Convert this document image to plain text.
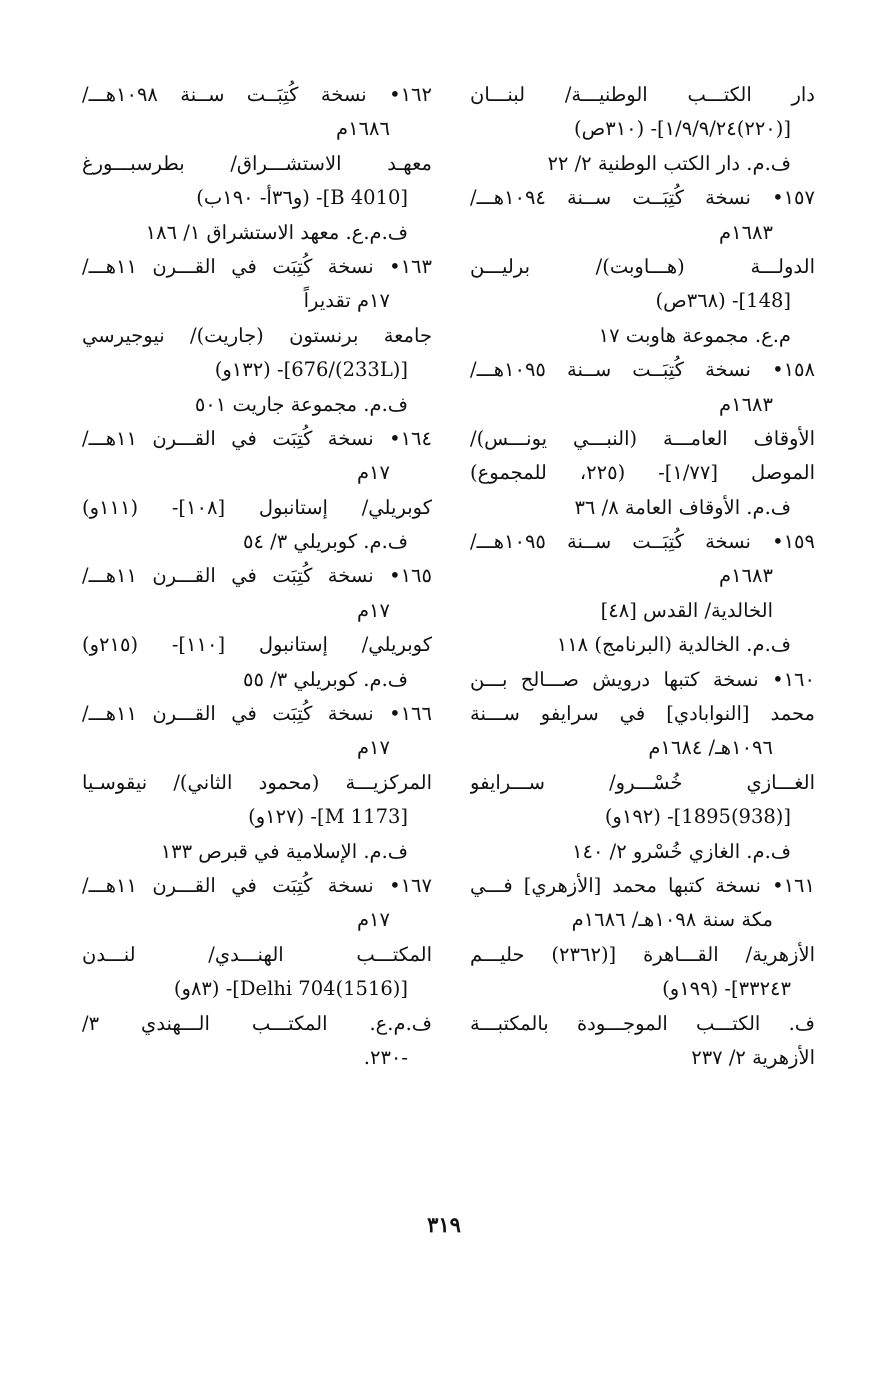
دار الكتـــب الوطنيـــة/ لبنـــان
[(٢٢٠)١/٩/٩/٢٤]- (٣١٠ص)
ف.م. دار الكتب الوطنية ٢/ ٢٢
١٥٧• نسخة كُتِبَــت ســنة ١٠٩٤هـــ/
١٦٨٣م
الدولـــة (هـــاوبت)/ برليـــن
[148]- (٣٦٨ص)
م.ع. مجموعة هاوبت ١٧
١٥٨• نسخة كُتِبَــت ســنة ١٠٩٥هـــ/
١٦٨٣م
الأوقاف العامـــة (النبـــي يونـــس)/
الموصل [١/٧٧]- (٢٢٥، للمجموع)
ف.م. الأوقاف العامة ٨/ ٣٦
١٥٩• نسخة كُتِبَــت ســنة ١٠٩٥هـــ/
١٦٨٣م
الخالدية/ القدس [٤٨]
ف.م. الخالدية (البرنامج) ١١٨
١٦٠• نسخة كتبها درويش صـــالح بـــن
محمد [النوابادي] في سرايفو ســـنة
١٠٩٦هـ/ ١٦٨٤م
الغـــازي خُسْـــرو/ ســـرايفو
[(938)1895]- (١٩٢و)
ف.م. الغازي خُسْرو ٢/ ١٤٠
١٦١• نسخة كتبها محمد [الأزهري] فـــي
مكة سنة ١٠٩٨هـ/ ١٦٨٦م
الأزهرية/ القـــاهرة [(٢٣٦٢) حليـــم
٣٣٢٤٣]- (١٩٩و)
ف. الكتـــب الموجـــودة بالمكتبـــة
الأزهرية ٢/ ٢٣٧
١٦٢• نسخة كُتِبَــت ســنة ١٠٩٨هـــ/
١٦٨٦م
معهـد الاستشـــراق/ بطرسبـــورغ
[B 4010]- (و٣٦أ- ١٩٠ب)
ف.م.ع. معهد الاستشراق ١/ ١٨٦
١٦٣• نسخة كُتِبَت في القـــرن ١١هـــ/
١٧م تقديراً
جامعة برنستون (جاريت)/ نيوجيرسي
[(233L)/676]- (١٣٢و)
ف.م. مجموعة جاريت ٥٠١
١٦٤• نسخة كُتِبَت في القـــرن ١١هـــ/
١٧م
كوبريلي/ إستانبول [١٠٨]- (١١١و)
ف.م. كوبريلي ٣/ ٥٤
١٦٥• نسخة كُتِبَت في القـــرن ١١هـــ/
١٧م
كوبريلي/ إستانبول [١١٠]- (٢١٥و)
ف.م. كوبريلي ٣/ ٥٥
١٦٦• نسخة كُتِبَت في القـــرن ١١هـــ/
١٧م
المركزيـــة (محمود الثاني)/ نيقوسـيا
[M 1173]- (١٢٧و)
ف.م. الإسلامية في قبرص ١٣٣
١٦٧• نسخة كُتِبَت في القـــرن ١١هـــ/
١٧م
المكتـــب الهنـــدي/ لنـــدن
[(1516)Delhi 704]- (٨٣و)
ف.م.ع. المكتـــب الـــهندي ٣/
-٢٣٠.
٣١٩
